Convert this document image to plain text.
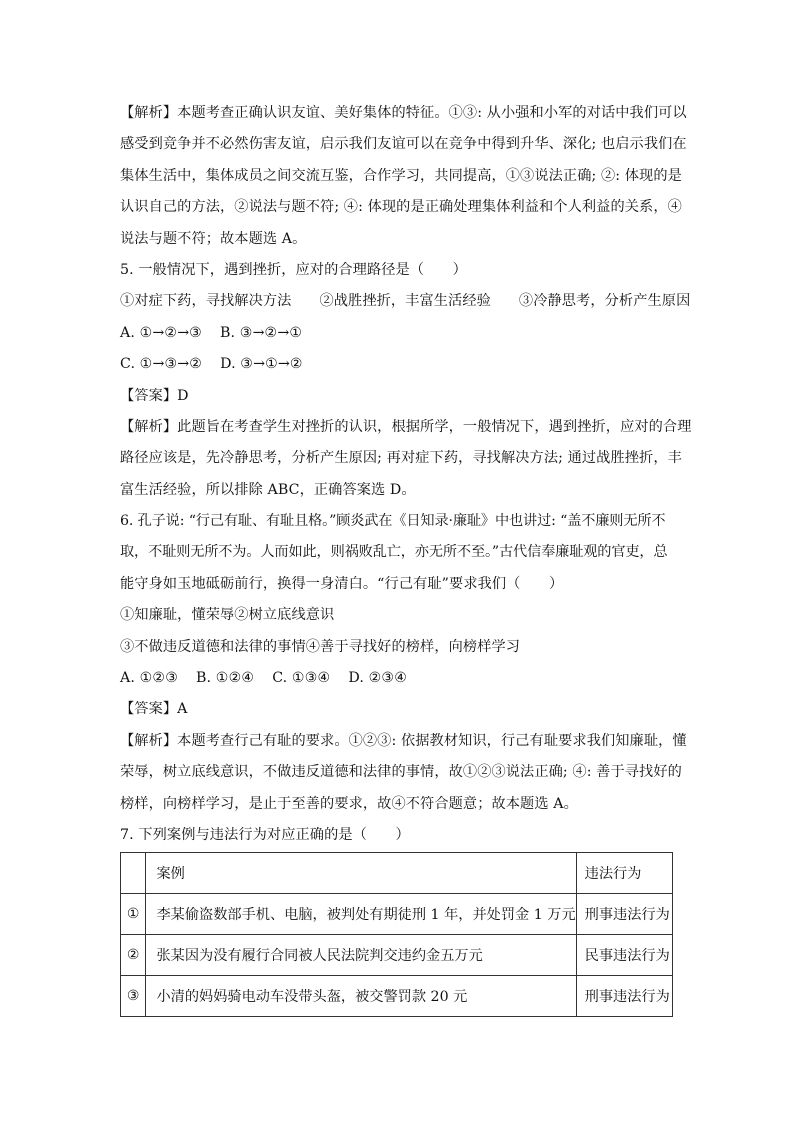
【解析】本题考查正确认识友谊、美好集体的特征。①③: 从小强和小军的对话中我们可以
感受到竞争并不必然伤害友谊，启示我们友谊可以在竞争中得到升华、深化; 也启示我们在
集体生活中，集体成员之间交流互鉴，合作学习，共同提高，①③说法正确; ②: 体现的是
认识自己的方法，②说法与题不符; ④: 体现的是正确处理集体利益和个人利益的关系，④
说法与题不符；故本题选 A。
5. 一般情况下，遇到挫折，应对的合理路径是（　　）
①对症下药，寻找解决方法 ②战胜挫折，丰富生活经验 ③冷静思考，分析产生原因
A. ①→②→③ B. ③→②→①
C. ①→③→② D. ③→①→②
【答案】D
【解析】此题旨在考查学生对挫折的认识，根据所学，一般情况下，遇到挫折，应对的合理
路径应该是，先冷静思考，分析产生原因; 再对症下药，寻找解决方法; 通过战胜挫折，丰
富生活经验，所以排除 ABC，正确答案选 D。
6. 孔子说: “行己有耻、有耻且格。”顾炎武在《日知录·廉耻》中也讲过: “盖不廉则无所不
取，不耻则无所不为。人而如此，则祸败乱亡，亦无所不至。”古代信奉廉耻观的官吏，总
能守身如玉地砥砺前行，换得一身清白。“行己有耻”要求我们（　　）
①知廉耻，懂荣辱②树立底线意识
③不做违反道德和法律的事情④善于寻找好的榜样，向榜样学习
A. ①②③ B. ①②④ C. ①③④ D. ②③④
【答案】A
【解析】本题考查行己有耻的要求。①②③: 依据教材知识，行己有耻要求我们知廉耻，懂
荣辱，树立底线意识，不做违反道德和法律的事情，故①②③说法正确; ④: 善于寻找好的
榜样，向榜样学习，是止于至善的要求，故④不符合题意；故本题选 A。
7. 下列案例与违法行为对应正确的是（　　）
	案例	违法行为
①	李某偷盗数部手机、电脑，被判处有期徒刑 1 年，并处罚金 1 万元	刑事违法行为
②	张某因为没有履行合同被人民法院判交违约金五万元	民事违法行为
③	小清的妈妈骑电动车没带头盔，被交警罚款 20 元	刑事违法行为
